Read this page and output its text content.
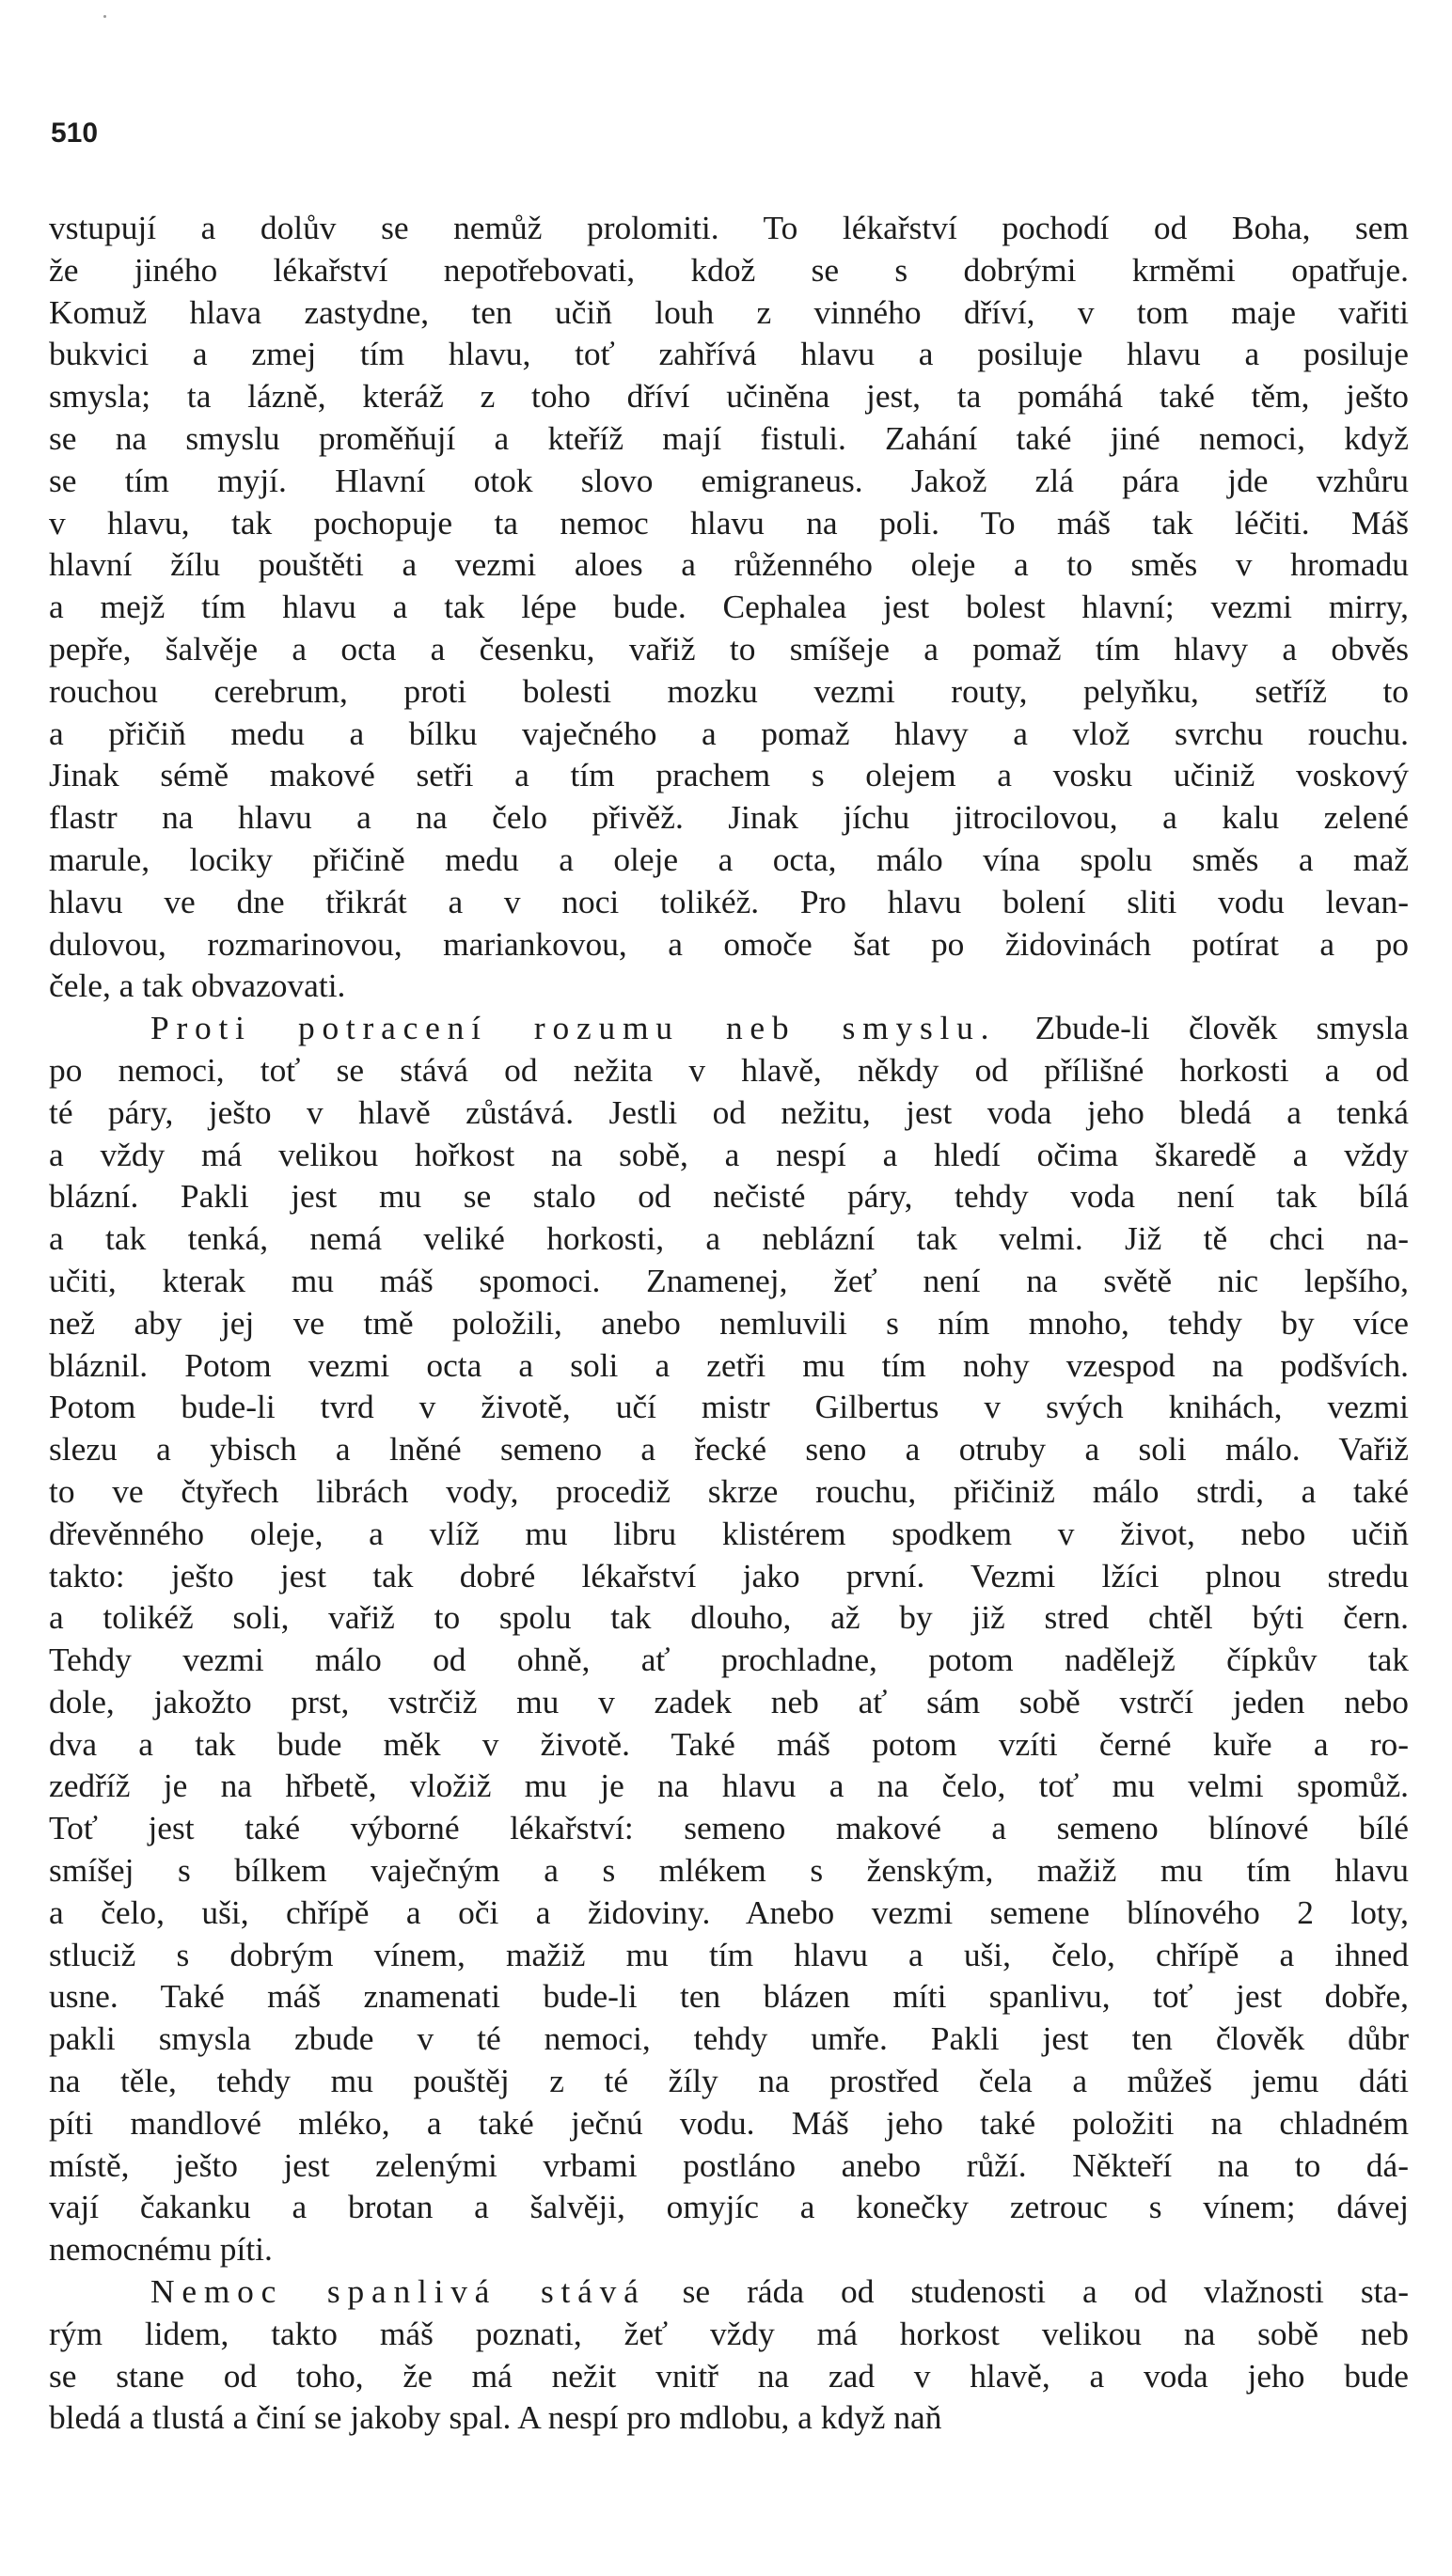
510
vstupují a dolův se nemůž prolomiti. To lékařství pochodí od Boha, sem
že jiného lékařství nepotřebovati, kdož se s dobrými krměmi opatřuje.
Komuž hlava zastydne, ten učiň louh z vinného dříví, v tom maje vařiti
bukvici a zmej tím hlavu, toť zahřívá hlavu a posiluje hlavu a posiluje
smysla; ta lázně, kteráž z toho dříví učiněna jest, ta pomáhá také těm, ješto
se na smyslu proměňují a kteříž mají fistuli. Zahání také jiné nemoci, když
se tím myjí. Hlavní otok slovo emigraneus. Jakož zlá pára jde vzhůru
v hlavu, tak pochopuje ta nemoc hlavu na poli. To máš tak léčiti. Máš
hlavní žílu pouštěti a vezmi aloes a růženného oleje a to směs v hromadu
a mejž tím hlavu a tak lépe bude. Cephalea jest bolest hlavní; vezmi mirry,
pepře, šalvěje a octa a česenku, vařiž to smíšeje a pomaž tím hlavy a obvěs
rouchou cerebrum, proti bolesti mozku vezmi routy, pelyňku, setříž to
a přičiň medu a bílku vaječného a pomaž hlavy a vlož svrchu rouchu.
Jinak sémě makové setři a tím prachem s olejem a vosku učiniž voskový
flastr na hlavu a na čelo přivěž. Jinak jíchu jitrocilovou, a kalu zelené
marule, lociky přičině medu a oleje a octa, málo vína spolu směs a maž
hlavu ve dne třikrát a v noci tolikéž. Pro hlavu bolení sliti vodu levan-
dulovou, rozmarinovou, mariankovou, a omoče šat po židovinách potírat a po
čele, a tak obvazovati.
Proti potracení rozumu neb smyslu. Zbude-li člověk smysla
po nemoci, toť se stává od nežita v hlavě, někdy od přílišné horkosti a od
té páry, ješto v hlavě zůstává. Jestli od nežitu, jest voda jeho bledá a tenká
a vždy má velikou hořkost na sobě, a nespí a hledí očima škaredě a vždy
blázní. Pakli jest mu se stalo od nečisté páry, tehdy voda není tak bílá
a tak tenká, nemá veliké horkosti, a neblázní tak velmi. Již tě chci na-
učiti, kterak mu máš spomoci. Znamenej, žeť není na světě nic lepšího,
než aby jej ve tmě položili, anebo nemluvili s ním mnoho, tehdy by více
bláznil. Potom vezmi octa a soli a zetři mu tím nohy vzespod na podšvích.
Potom bude-li tvrd v životě, učí mistr Gilbertus v svých knihách, vezmi
slezu a ybisch a lněné semeno a řecké seno a otruby a soli málo. Vařiž
to ve čtyřech librách vody, procediž skrze rouchu, přičiniž málo strdi, a také
dřevěnného oleje, a vlíž mu libru klistérem spodkem v život, nebo učiň
takto: ješto jest tak dobré lékařství jako první. Vezmi lžíci plnou stredu
a tolikéž soli, vařiž to spolu tak dlouho, až by již stred chtěl býti čern.
Tehdy vezmi málo od ohně, ať prochladne, potom nadělejž čípkův tak
dole, jakožto prst, vstrčiž mu v zadek neb ať sám sobě vstrčí jeden nebo
dva a tak bude měk v životě. Také máš potom vzíti černé kuře a ro-
zedříž je na hřbetě, vložiž mu je na hlavu a na čelo, toť mu velmi spomůž.
Toť jest také výborné lékařství: semeno makové a semeno blínové bílé
smíšej s bílkem vaječným a s mlékem s ženským, mažiž mu tím hlavu
a čelo, uši, chřípě a oči a židoviny. Anebo vezmi semene blínového 2 loty,
stluciž s dobrým vínem, mažiž mu tím hlavu a uši, čelo, chřípě a ihned
usne. Také máš znamenati bude-li ten blázen míti spanlivu, toť jest dobře,
pakli smysla zbude v té nemoci, tehdy umře. Pakli jest ten člověk důbr
na těle, tehdy mu pouštěj z té žíly na prostřed čela a můžeš jemu dáti
píti mandlové mléko, a také ječnú vodu. Máš jeho také položiti na chladném
místě, ješto jest zelenými vrbami postláno anebo růží. Někteří na to dá-
vají čakanku a brotan a šalvěji, omyjíc a konečky zetrouc s vínem; dávej
nemocnému píti.
Nemoc spanlivá stává se ráda od studenosti a od vlažnosti sta-
rým lidem, takto máš poznati, žeť vždy má horkost velikou na sobě neb
se stane od toho, že má nežit vnitř na zad v hlavě, a voda jeho bude
bledá a tlustá a činí se jakoby spal. A nespí pro mdlobu, a když naň
